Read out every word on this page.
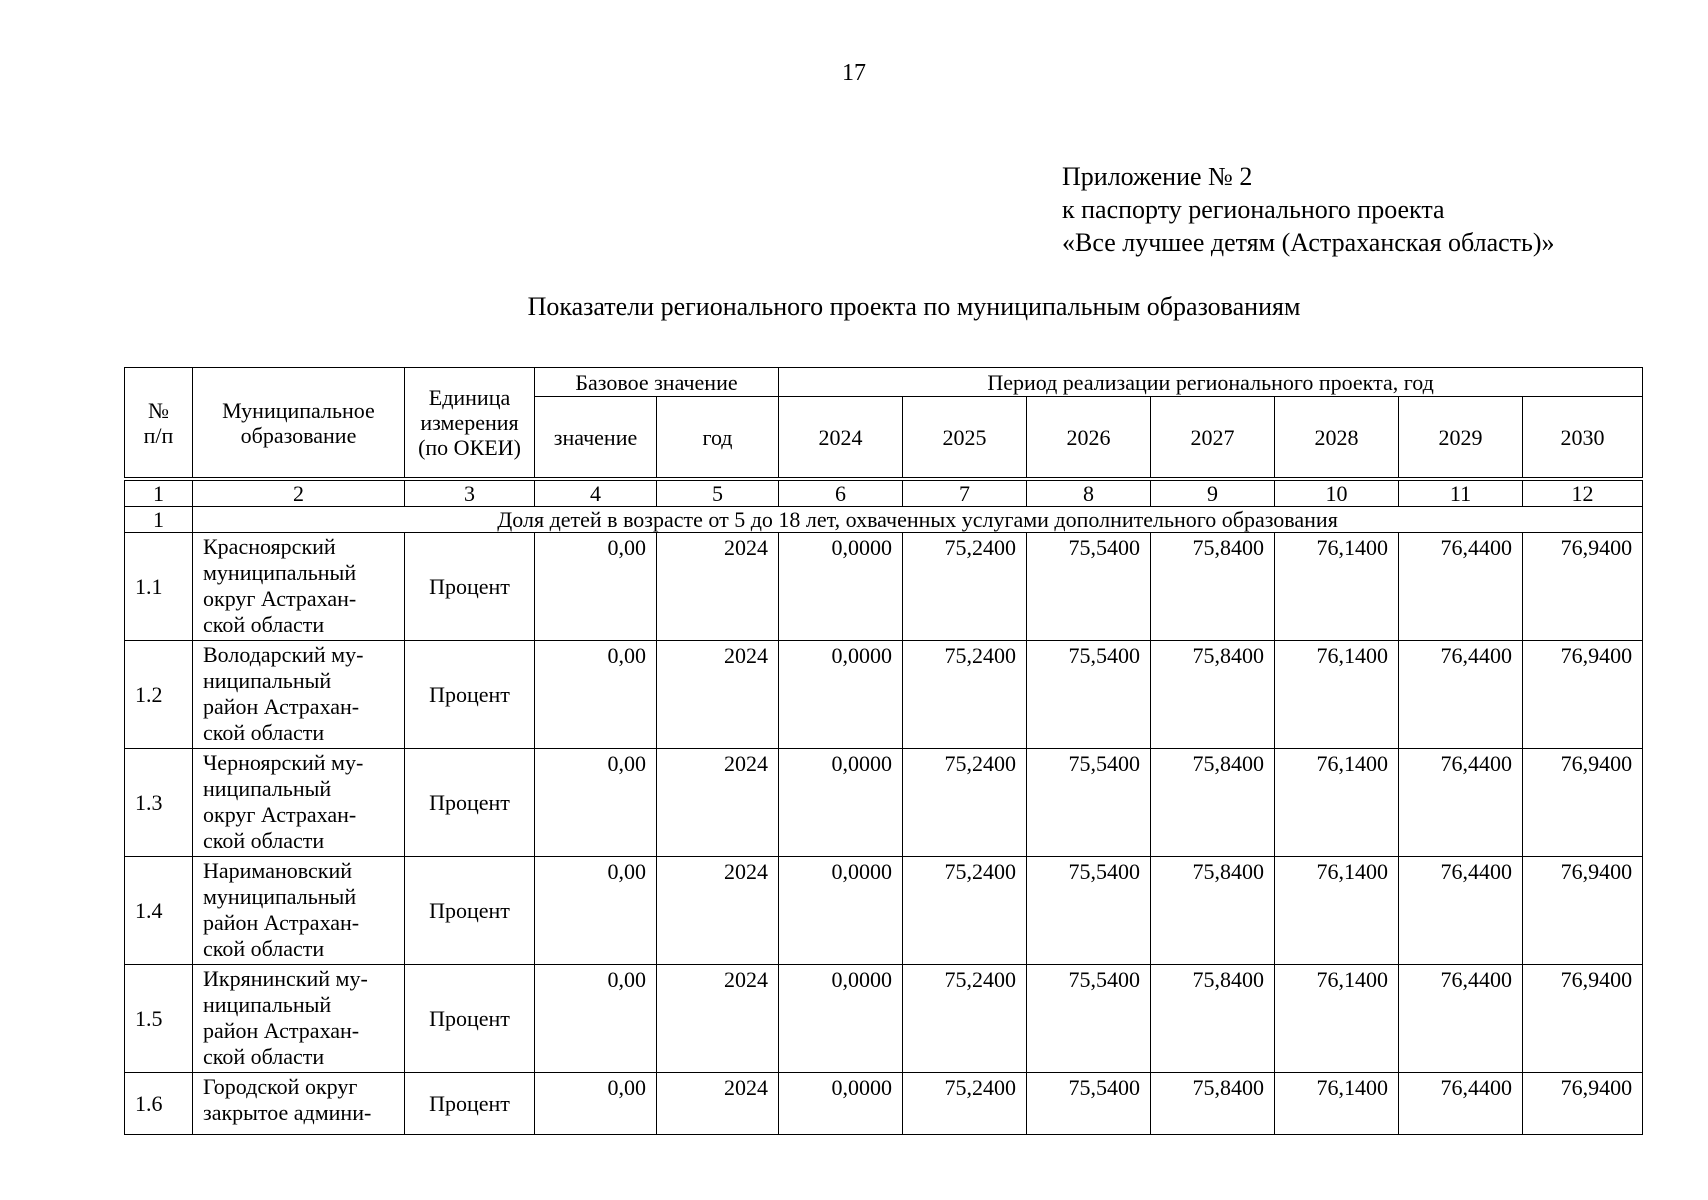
17
Приложение № 2
к паспорту регионального проекта
«Все лучшее детям (Астраханская область)»
Показатели регионального проекта по муниципальным образованиям
№
п/п	Муниципальное образование	Единица измерения (по ОКЕИ)	Базовое значение		Период реализации регионального проекта, год						
			значение	год	2024	2025	2026	2027	2028	2029	2030
1	2	3	4	5	6	7	8	9	10	11	12
1	Доля детей в возрасте от 5 до 18 лет, охваченных услугами дополнительного образования										
1.1	Красноярский
муниципальный
округ Астрахан-
ской области	Процент	0,00	2024	0,0000	75,2400	75,5400	75,8400	76,1400	76,4400	76,9400
1.2	Володарский му-
ниципальный
район Астрахан-
ской области	Процент	0,00	2024	0,0000	75,2400	75,5400	75,8400	76,1400	76,4400	76,9400
1.3	Черноярский му-
ниципальный
округ Астрахан-
ской области	Процент	0,00	2024	0,0000	75,2400	75,5400	75,8400	76,1400	76,4400	76,9400
1.4	Наримановский
муниципальный
район Астрахан-
ской области	Процент	0,00	2024	0,0000	75,2400	75,5400	75,8400	76,1400	76,4400	76,9400
1.5	Икрянинский му-
ниципальный
район Астрахан-
ской области	Процент	0,00	2024	0,0000	75,2400	75,5400	75,8400	76,1400	76,4400	76,9400
1.6	Городской округ
закрытое админи-	Процент	0,00	2024	0,0000	75,2400	75,5400	75,8400	76,1400	76,4400	76,9400
